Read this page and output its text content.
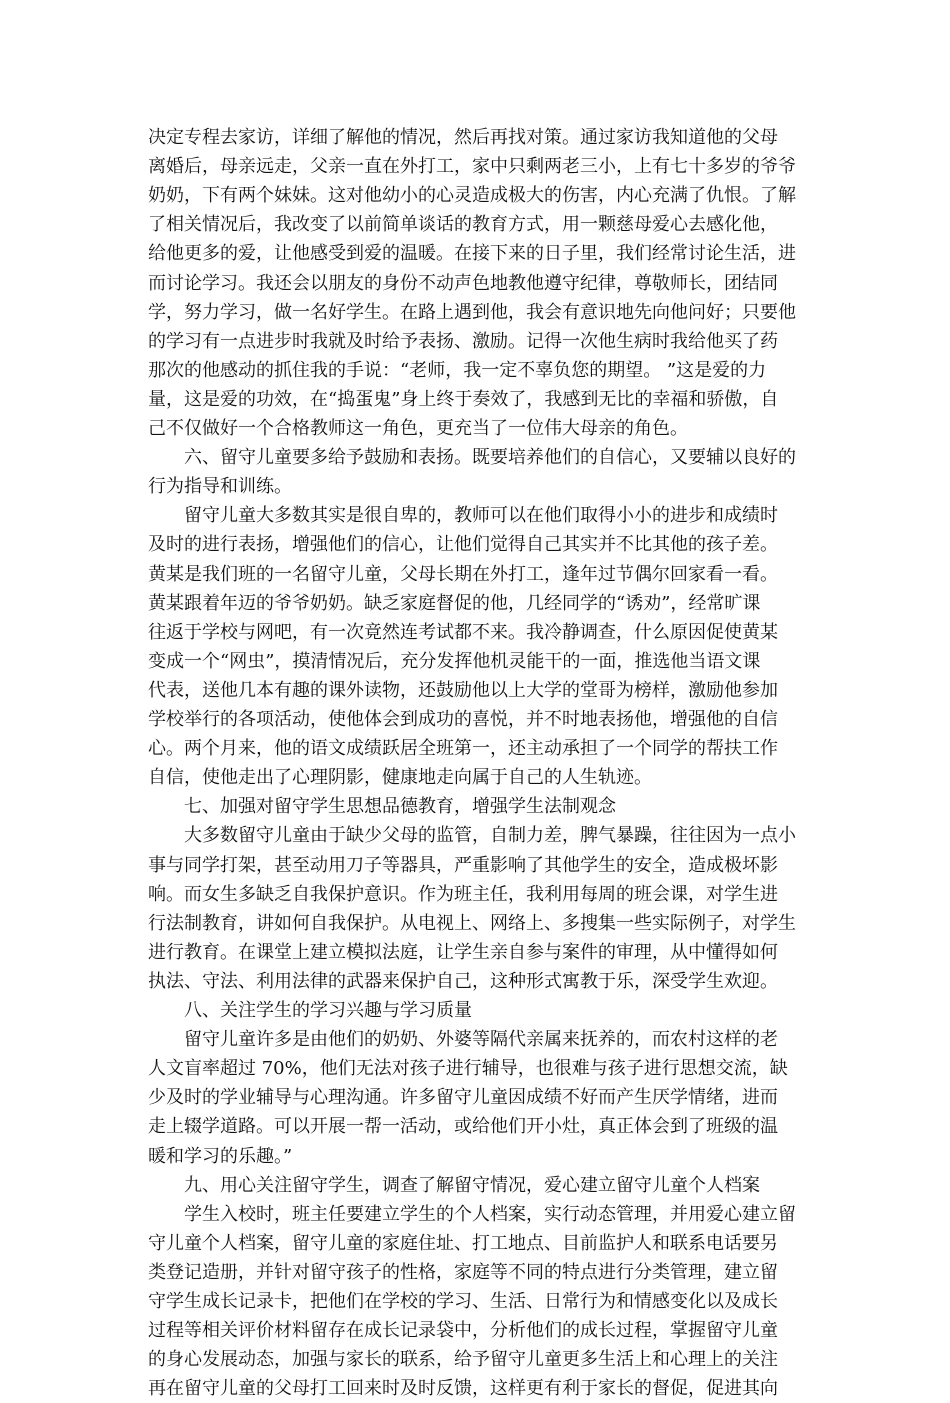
决定专程去家访，详细了解他的情况，然后再找对策。通过家访我知道他的父母
离婚后，母亲远走，父亲一直在外打工，家中只剩两老三小，上有七十多岁的爷爷
奶奶，下有两个妹妹。这对他幼小的心灵造成极大的伤害，内心充满了仇恨。了解
了相关情况后，我改变了以前简单谈话的教育方式，用一颗慈母爱心去感化他，
给他更多的爱，让他感受到爱的温暖。在接下来的日子里，我们经常讨论生活，进
而讨论学习。我还会以朋友的身份不动声色地教他遵守纪律，尊敬师长，团结同
学，努力学习，做一名好学生。在路上遇到他，我会有意识地先向他问好；只要他
的学习有一点进步时我就及时给予表扬、激励。记得一次他生病时我给他买了药
那次的他感动的抓住我的手说：“老师，我一定不辜负您的期望。 ”这是爱的力
量，这是爱的功效，在“捣蛋鬼”身上终于奏效了，我感到无比的幸福和骄傲，自
己不仅做好一个合格教师这一角色，更充当了一位伟大母亲的角色。
　　六、留守儿童要多给予鼓励和表扬。既要培养他们的自信心，又要辅以良好的
行为指导和训练。
　　留守儿童大多数其实是很自卑的，教师可以在他们取得小小的进步和成绩时
及时的进行表扬，增强他们的信心，让他们觉得自己其实并不比其他的孩子差。
黄某是我们班的一名留守儿童，父母长期在外打工，逢年过节偶尔回家看一看。
黄某跟着年迈的爷爷奶奶。缺乏家庭督促的他，几经同学的“诱劝”，经常旷课
往返于学校与网吧，有一次竟然连考试都不来。我冷静调查，什么原因促使黄某
变成一个“网虫”，摸清情况后，充分发挥他机灵能干的一面，推选他当语文课
代表，送他几本有趣的课外读物，还鼓励他以上大学的堂哥为榜样，激励他参加
学校举行的各项活动，使他体会到成功的喜悦，并不时地表扬他，增强他的自信
心。两个月来，他的语文成绩跃居全班第一，还主动承担了一个同学的帮扶工作
自信，使他走出了心理阴影，健康地走向属于自己的人生轨迹。
　　七、加强对留守学生思想品德教育，增强学生法制观念
　　大多数留守儿童由于缺少父母的监管，自制力差，脾气暴躁，往往因为一点小
事与同学打架，甚至动用刀子等器具，严重影响了其他学生的安全，造成极坏影
响。而女生多缺乏自我保护意识。作为班主任，我利用每周的班会课，对学生进
行法制教育，讲如何自我保护。从电视上、网络上、多搜集一些实际例子，对学生
进行教育。在课堂上建立模拟法庭，让学生亲自参与案件的审理，从中懂得如何
执法、守法、利用法律的武器来保护自己，这种形式寓教于乐，深受学生欢迎。
　　八、关注学生的学习兴趣与学习质量
　　留守儿童许多是由他们的奶奶、外婆等隔代亲属来抚养的，而农村这样的老
人文盲率超过 70%，他们无法对孩子进行辅导，也很难与孩子进行思想交流，缺
少及时的学业辅导与心理沟通。许多留守儿童因成绩不好而产生厌学情绪，进而
走上辍学道路。可以开展一帮一活动，或给他们开小灶，真正体会到了班级的温
暖和学习的乐趣。”
　　九、用心关注留守学生，调查了解留守情况，爱心建立留守儿童个人档案
　　学生入校时，班主任要建立学生的个人档案，实行动态管理，并用爱心建立留
守儿童个人档案，留守儿童的家庭住址、打工地点、目前监护人和联系电话要另
类登记造册，并针对留守孩子的性格，家庭等不同的特点进行分类管理，建立留
守学生成长记录卡，把他们在学校的学习、生活、日常行为和情感变化以及成长
过程等相关评价材料留存在成长记录袋中，分析他们的成长过程，掌握留守儿童
的身心发展动态，加强与家长的联系，给予留守儿童更多生活上和心理上的关注
再在留守儿童的父母打工回来时及时反馈，这样更有利于家长的督促，促进其向
